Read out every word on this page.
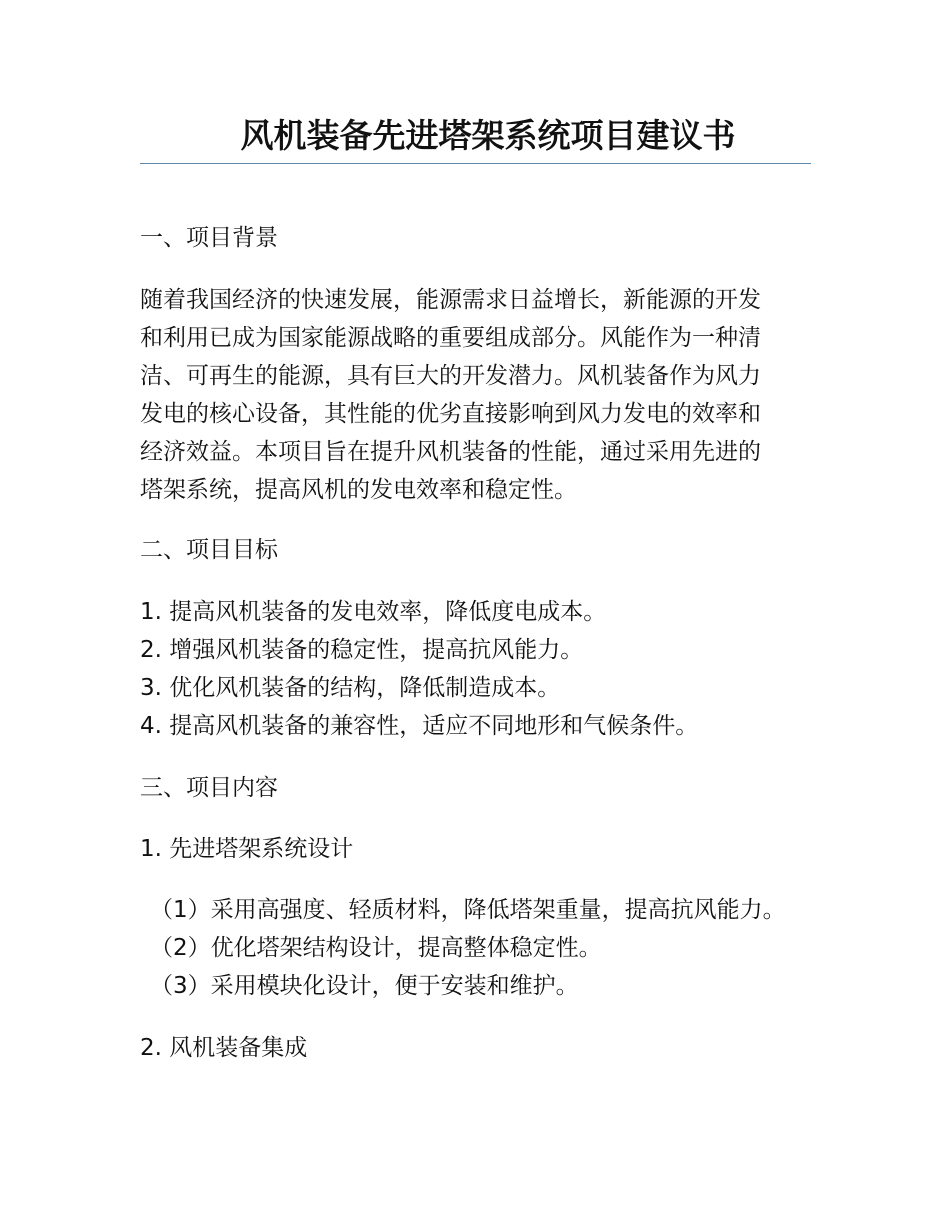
风机装备先进塔架系统项目建议书
一、项目背景
随着我国经济的快速发展，能源需求日益增长，新能源的开发
和利用已成为国家能源战略的重要组成部分。风能作为一种清
洁、可再生的能源，具有巨大的开发潜力。风机装备作为风力
发电的核心设备，其性能的优劣直接影响到风力发电的效率和
经济效益。本项目旨在提升风机装备的性能，通过采用先进的
塔架系统，提高风机的发电效率和稳定性。
二、项目目标
1. 提高风机装备的发电效率，降低度电成本。
2. 增强风机装备的稳定性，提高抗风能力。
3. 优化风机装备的结构，降低制造成本。
4. 提高风机装备的兼容性，适应不同地形和气候条件。
三、项目内容
1. 先进塔架系统设计
（1）采用高强度、轻质材料，降低塔架重量，提高抗风能力。
（2）优化塔架结构设计，提高整体稳定性。
（3）采用模块化设计，便于安装和维护。
2. 风机装备集成
